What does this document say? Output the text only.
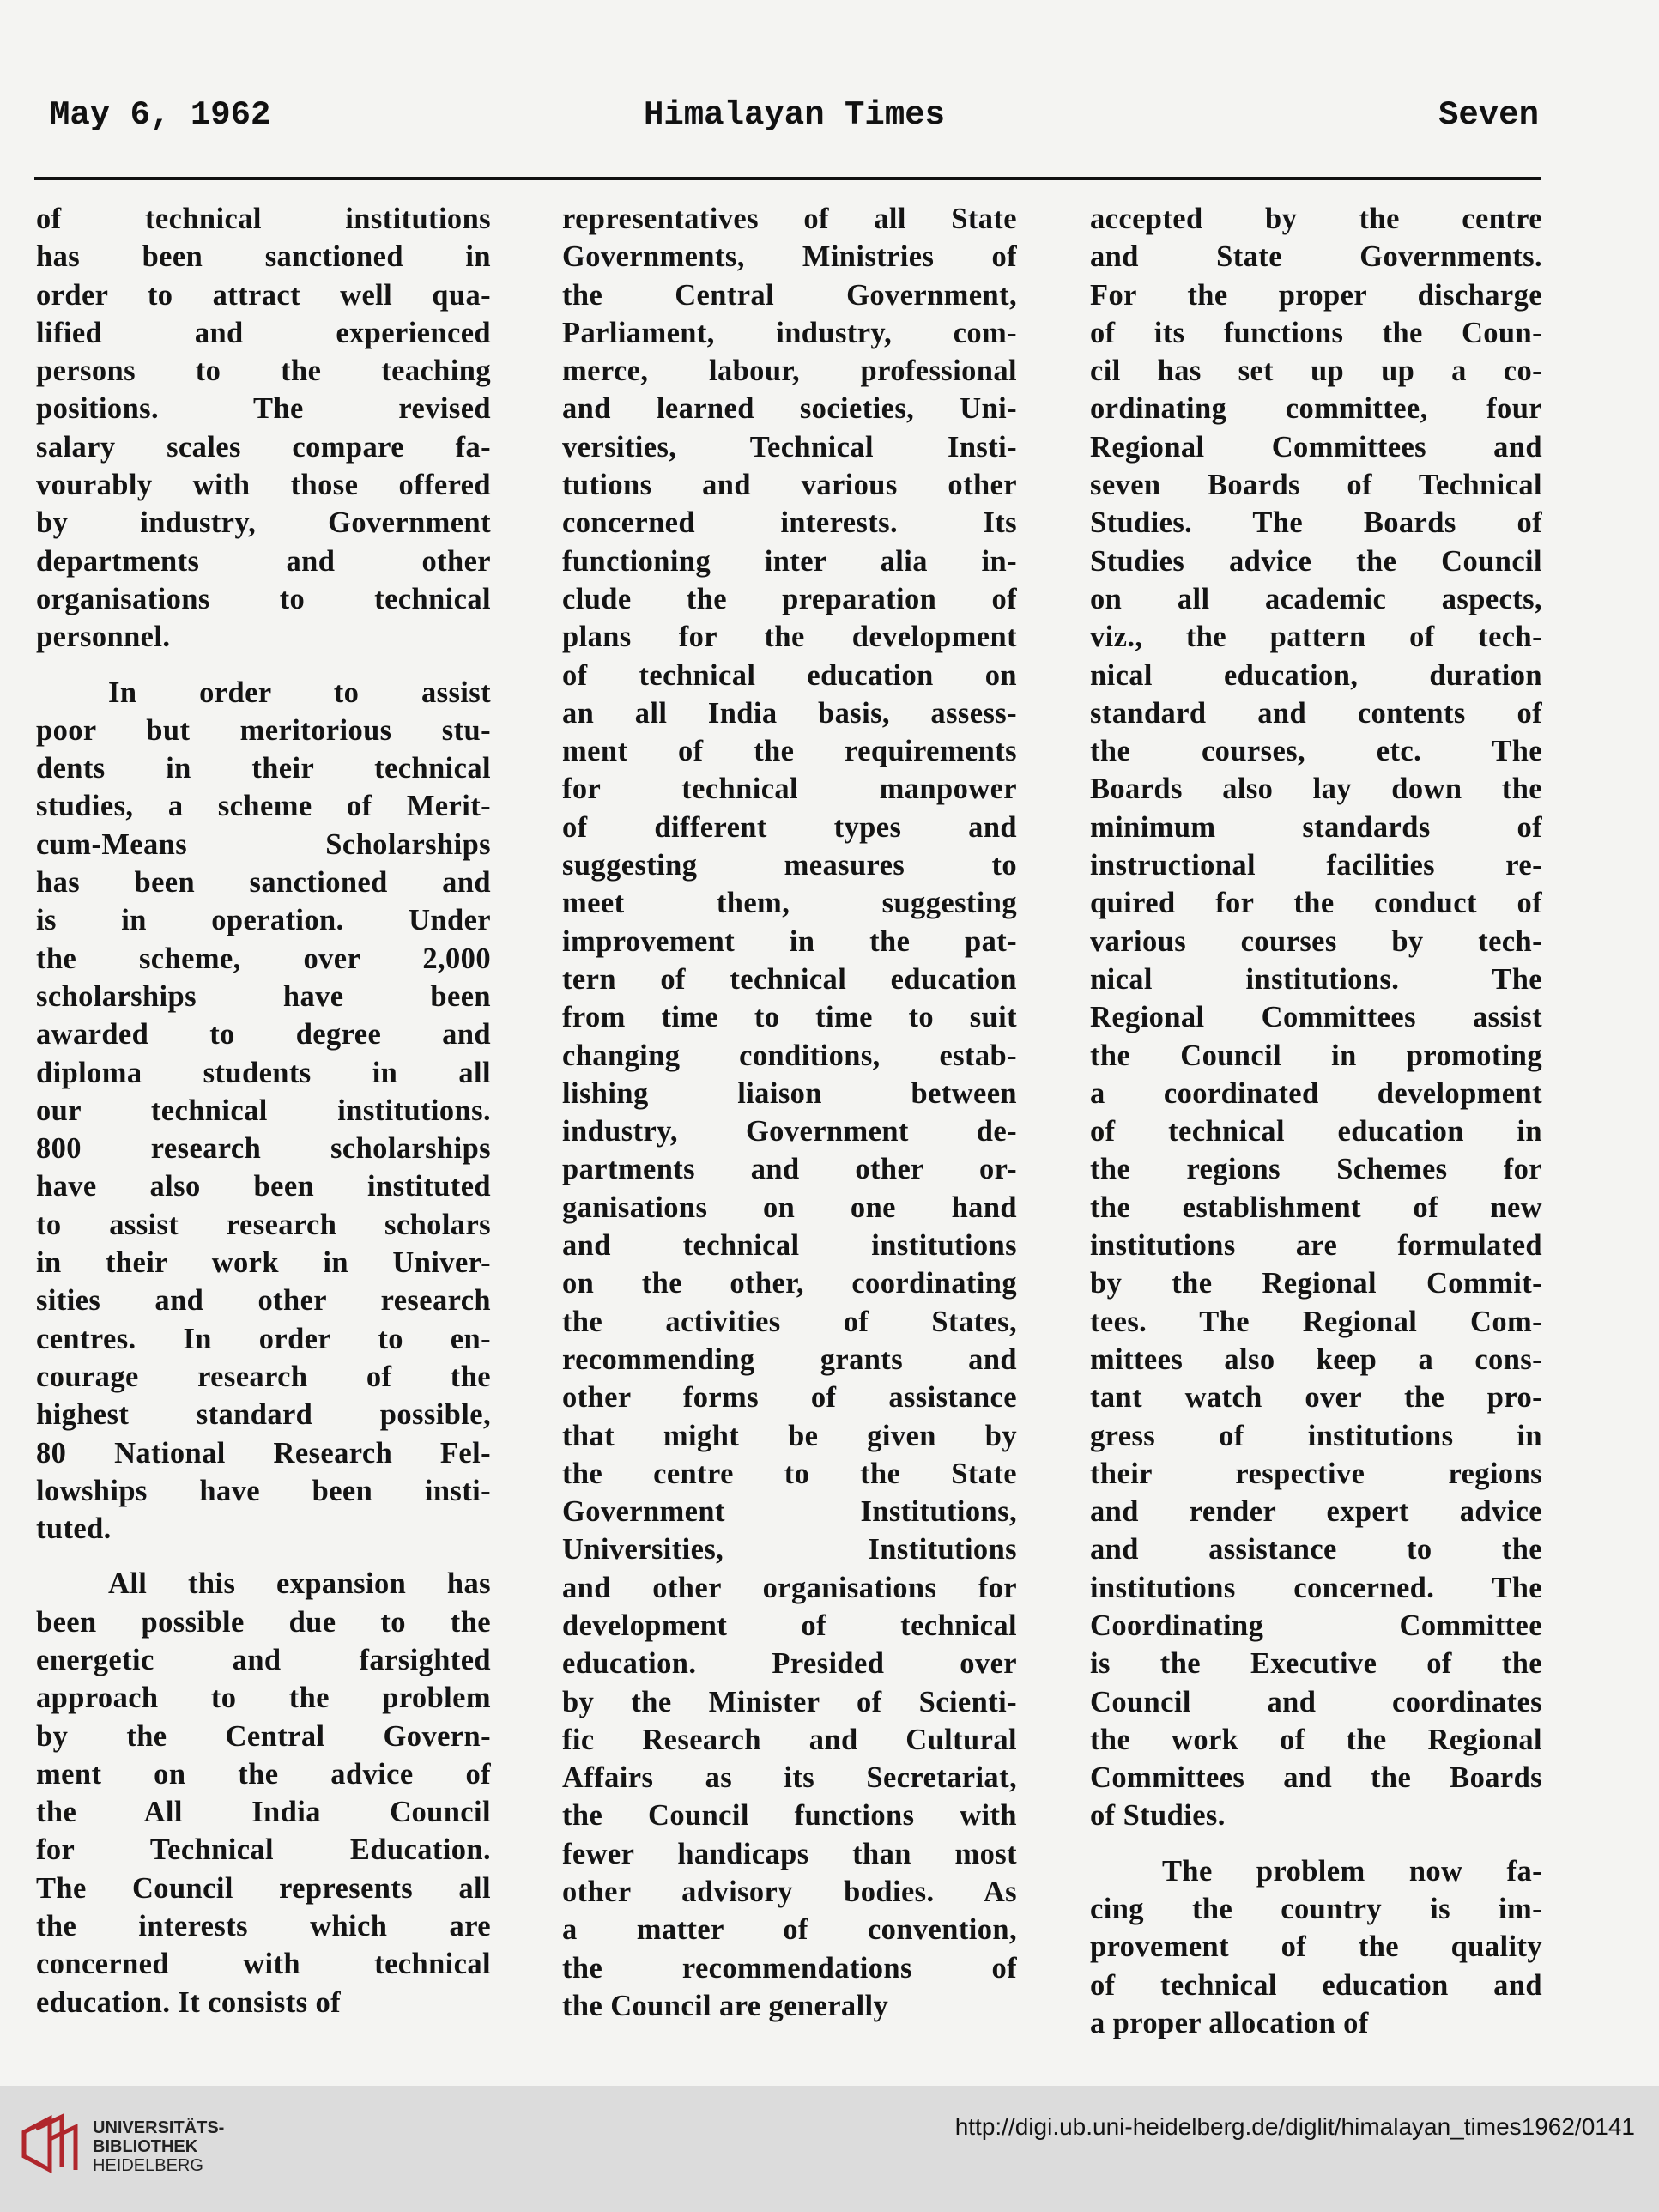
May 6, 1962	Himalayan Times	Seven
of technical institutions
has been sanctioned in
order to attract well qua-
lified and experienced
persons to the teaching
positions. The revised
salary scales compare fa-
vourably with those offered
by industry, Government
departments and other
organisations to technical
personnel.
In order to assist
poor but meritorious stu-
dents in their technical
studies, a scheme of Merit-
cum-Means Scholarships
has been sanctioned and
is in operation. Under
the scheme, over 2,000
scholarships have been
awarded to degree and
diploma students in all
our technical institutions.
800 research scholarships
have also been instituted
to assist research scholars
in their work in Univer-
sities and other research
centres. In order to en-
courage research of the
highest standard possible,
80 National Research Fel-
lowships have been insti-
tuted.
All this expansion has
been possible due to the
energetic and farsighted
approach to the problem
by the Central Govern-
ment on the advice of
the All India Council
for Technical Education.
The Council represents all
the interests which are
concerned with technical
education. It consists of
representatives of all State
Governments, Ministries of
the Central Government,
Parliament, industry, com-
merce, labour, professional
and learned societies, Uni-
versities, Technical Insti-
tutions and various other
concerned interests. Its
functioning inter alia in-
clude the preparation of
plans for the development
of technical education on
an all India basis, assess-
ment of the requirements
for technical manpower
of different types and
suggesting measures to
meet them, suggesting
improvement in the pat-
tern of technical education
from time to time to suit
changing conditions, estab-
lishing liaison between
industry, Government de-
partments and other or-
ganisations on one hand
and technical institutions
on the other, coordinating
the activities of States,
recommending grants and
other forms of assistance
that might be given by
the centre to the State
Government Institutions,
Universities, Institutions
and other organisations for
development of technical
education. Presided over
by the Minister of Scienti-
fic Research and Cultural
Affairs as its Secretariat,
the Council functions with
fewer handicaps than most
other advisory bodies. As
a matter of convention,
the recommendations of
the Council are generally
accepted by the centre
and State Governments.
For the proper discharge
of its functions the Coun-
cil has set up up a co-
ordinating committee, four
Regional Committees and
seven Boards of Technical
Studies. The Boards of
Studies advice the Council
on all academic aspects,
viz., the pattern of tech-
nical education, duration
standard and contents of
the courses, etc. The
Boards also lay down the
minimum standards of
instructional facilities re-
quired for the conduct of
various courses by tech-
nical institutions. The
Regional Committees assist
the Council in promoting
a coordinated development
of technical education in
the regions Schemes for
the establishment of new
institutions are formulated
by the Regional Commit-
tees. The Regional Com-
mittees also keep a cons-
tant watch over the pro-
gress of institutions in
their respective regions
and render expert advice
and assistance to the
institutions concerned. The
Coordinating Committee
is the Executive of the
Council and coordinates
the work of the Regional
Committees and the Boards
of Studies.
The problem now fa-
cing the country is im-
provement of the quality
of technical education and
a proper allocation of
UNIVERSITÄTS-
BIBLIOTHEK
HEIDELBERG
http://digi.ub.uni-heidelberg.de/diglit/himalayan_times1962/0141
